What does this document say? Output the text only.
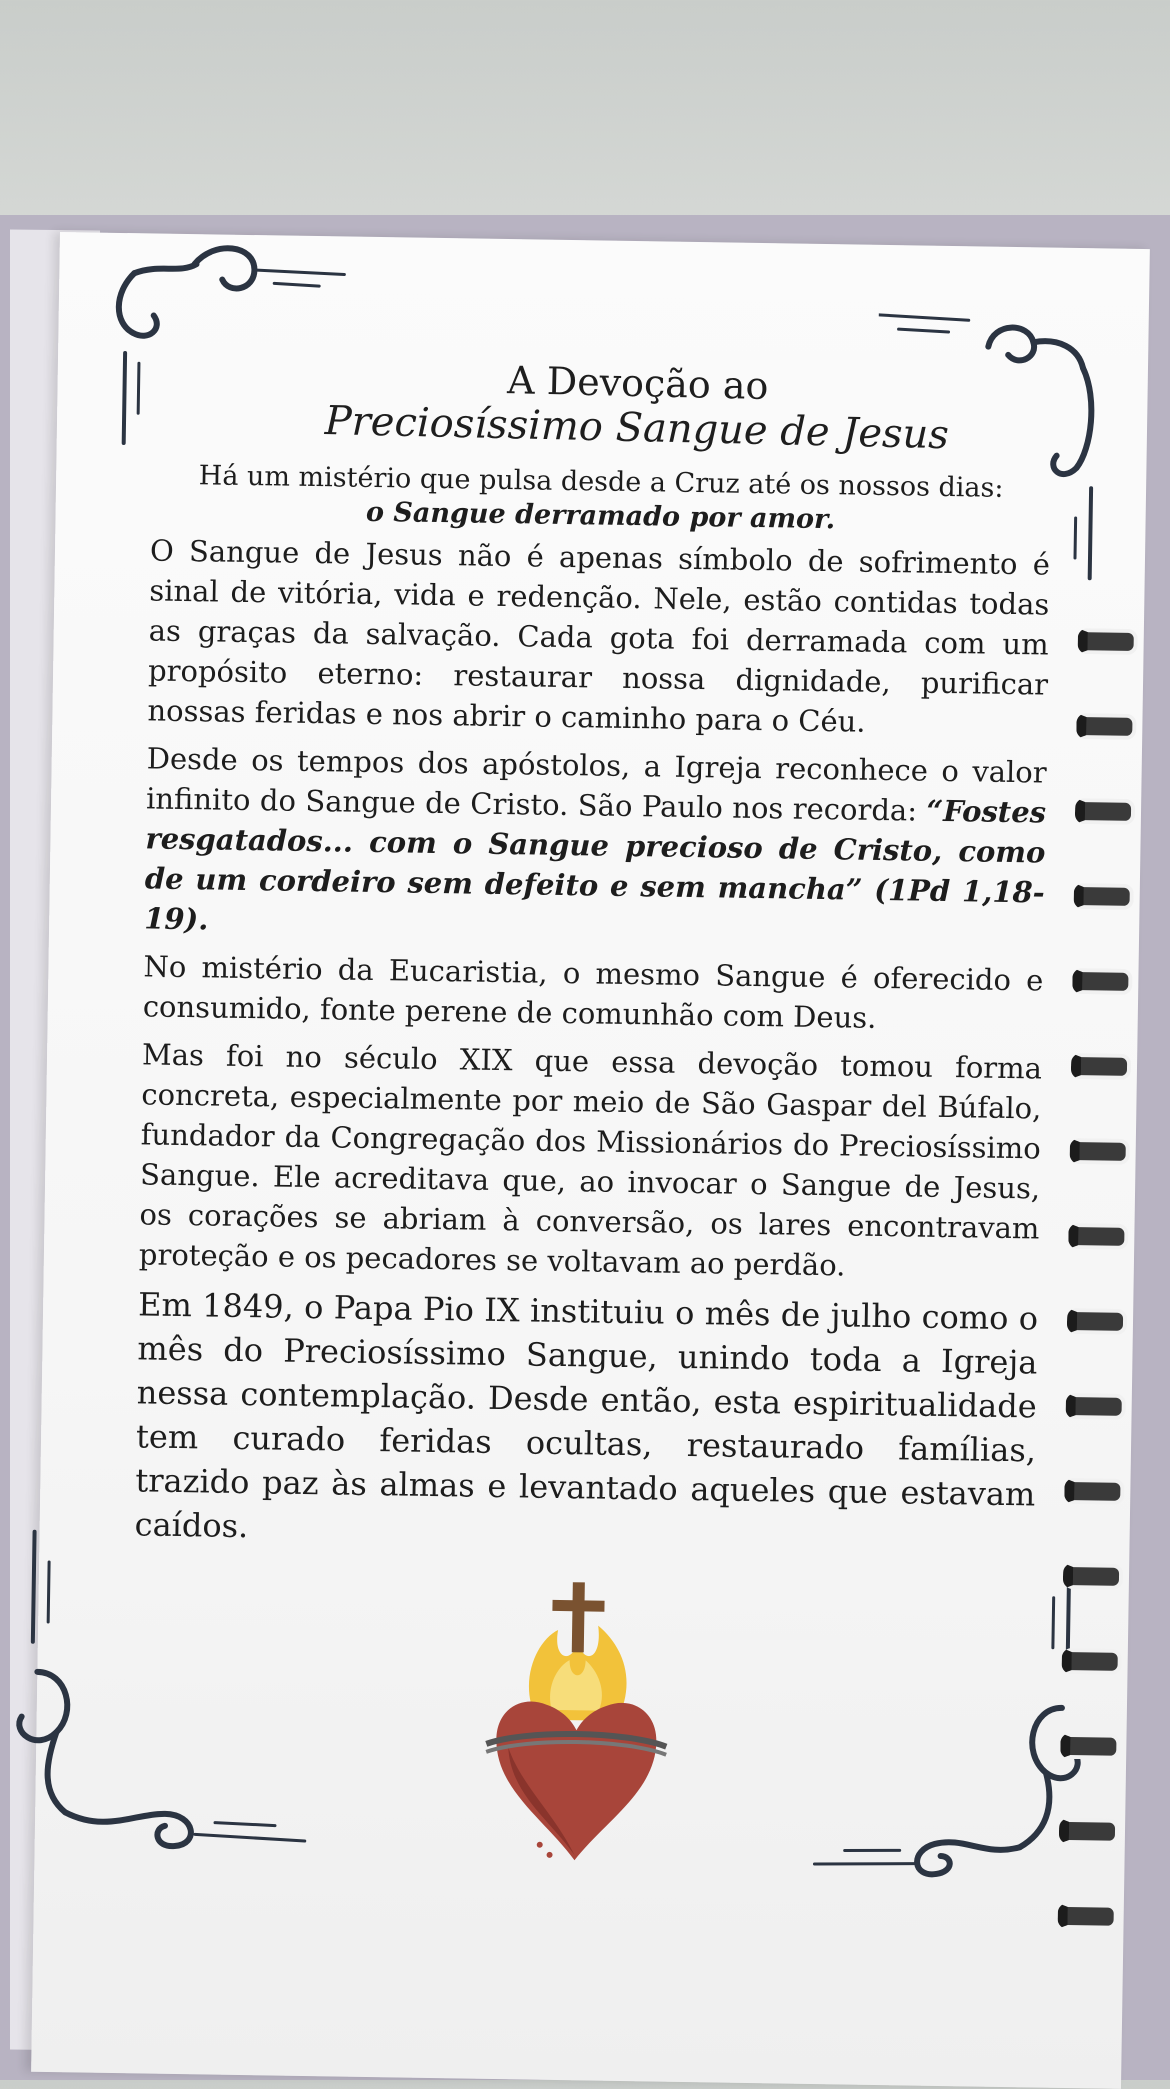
A Devoção ao
Preciosíssimo Sangue de Jesus

Há um mistério que pulsa desde a Cruz até os nossos dias:
o Sangue derramado por amor.

O Sangue de Jesus não é apenas símbolo de sofrimento é sinal de vitória, vida e redenção. Nele, estão contidas todas as graças da salvação. Cada gota foi derramada com um propósito eterno: restaurar nossa dignidade, purificar nossas feridas e nos abrir o caminho para o Céu.

Desde os tempos dos apóstolos, a Igreja reconhece o valor infinito do Sangue de Cristo. São Paulo nos recorda: “Fostes resgatados... com o Sangue precioso de Cristo, como de um cordeiro sem defeito e sem mancha” (1Pd 1,18-19).

No mistério da Eucaristia, o mesmo Sangue é oferecido e consumido, fonte perene de comunhão com Deus.

Mas foi no século XIX que essa devoção tomou forma concreta, especialmente por meio de São Gaspar del Búfalo, fundador da Congregação dos Missionários do Preciosíssimo Sangue. Ele acreditava que, ao invocar o Sangue de Jesus, os corações se abriam à conversão, os lares encontravam proteção e os pecadores se voltavam ao perdão.

Em 1849, o Papa Pio IX instituiu o mês de julho como o mês do Preciosíssimo Sangue, unindo toda a Igreja nessa contemplação. Desde então, esta espiritualidade tem curado feridas ocultas, restaurado famílias, trazido paz às almas e levantado aqueles que estavam caídos.
